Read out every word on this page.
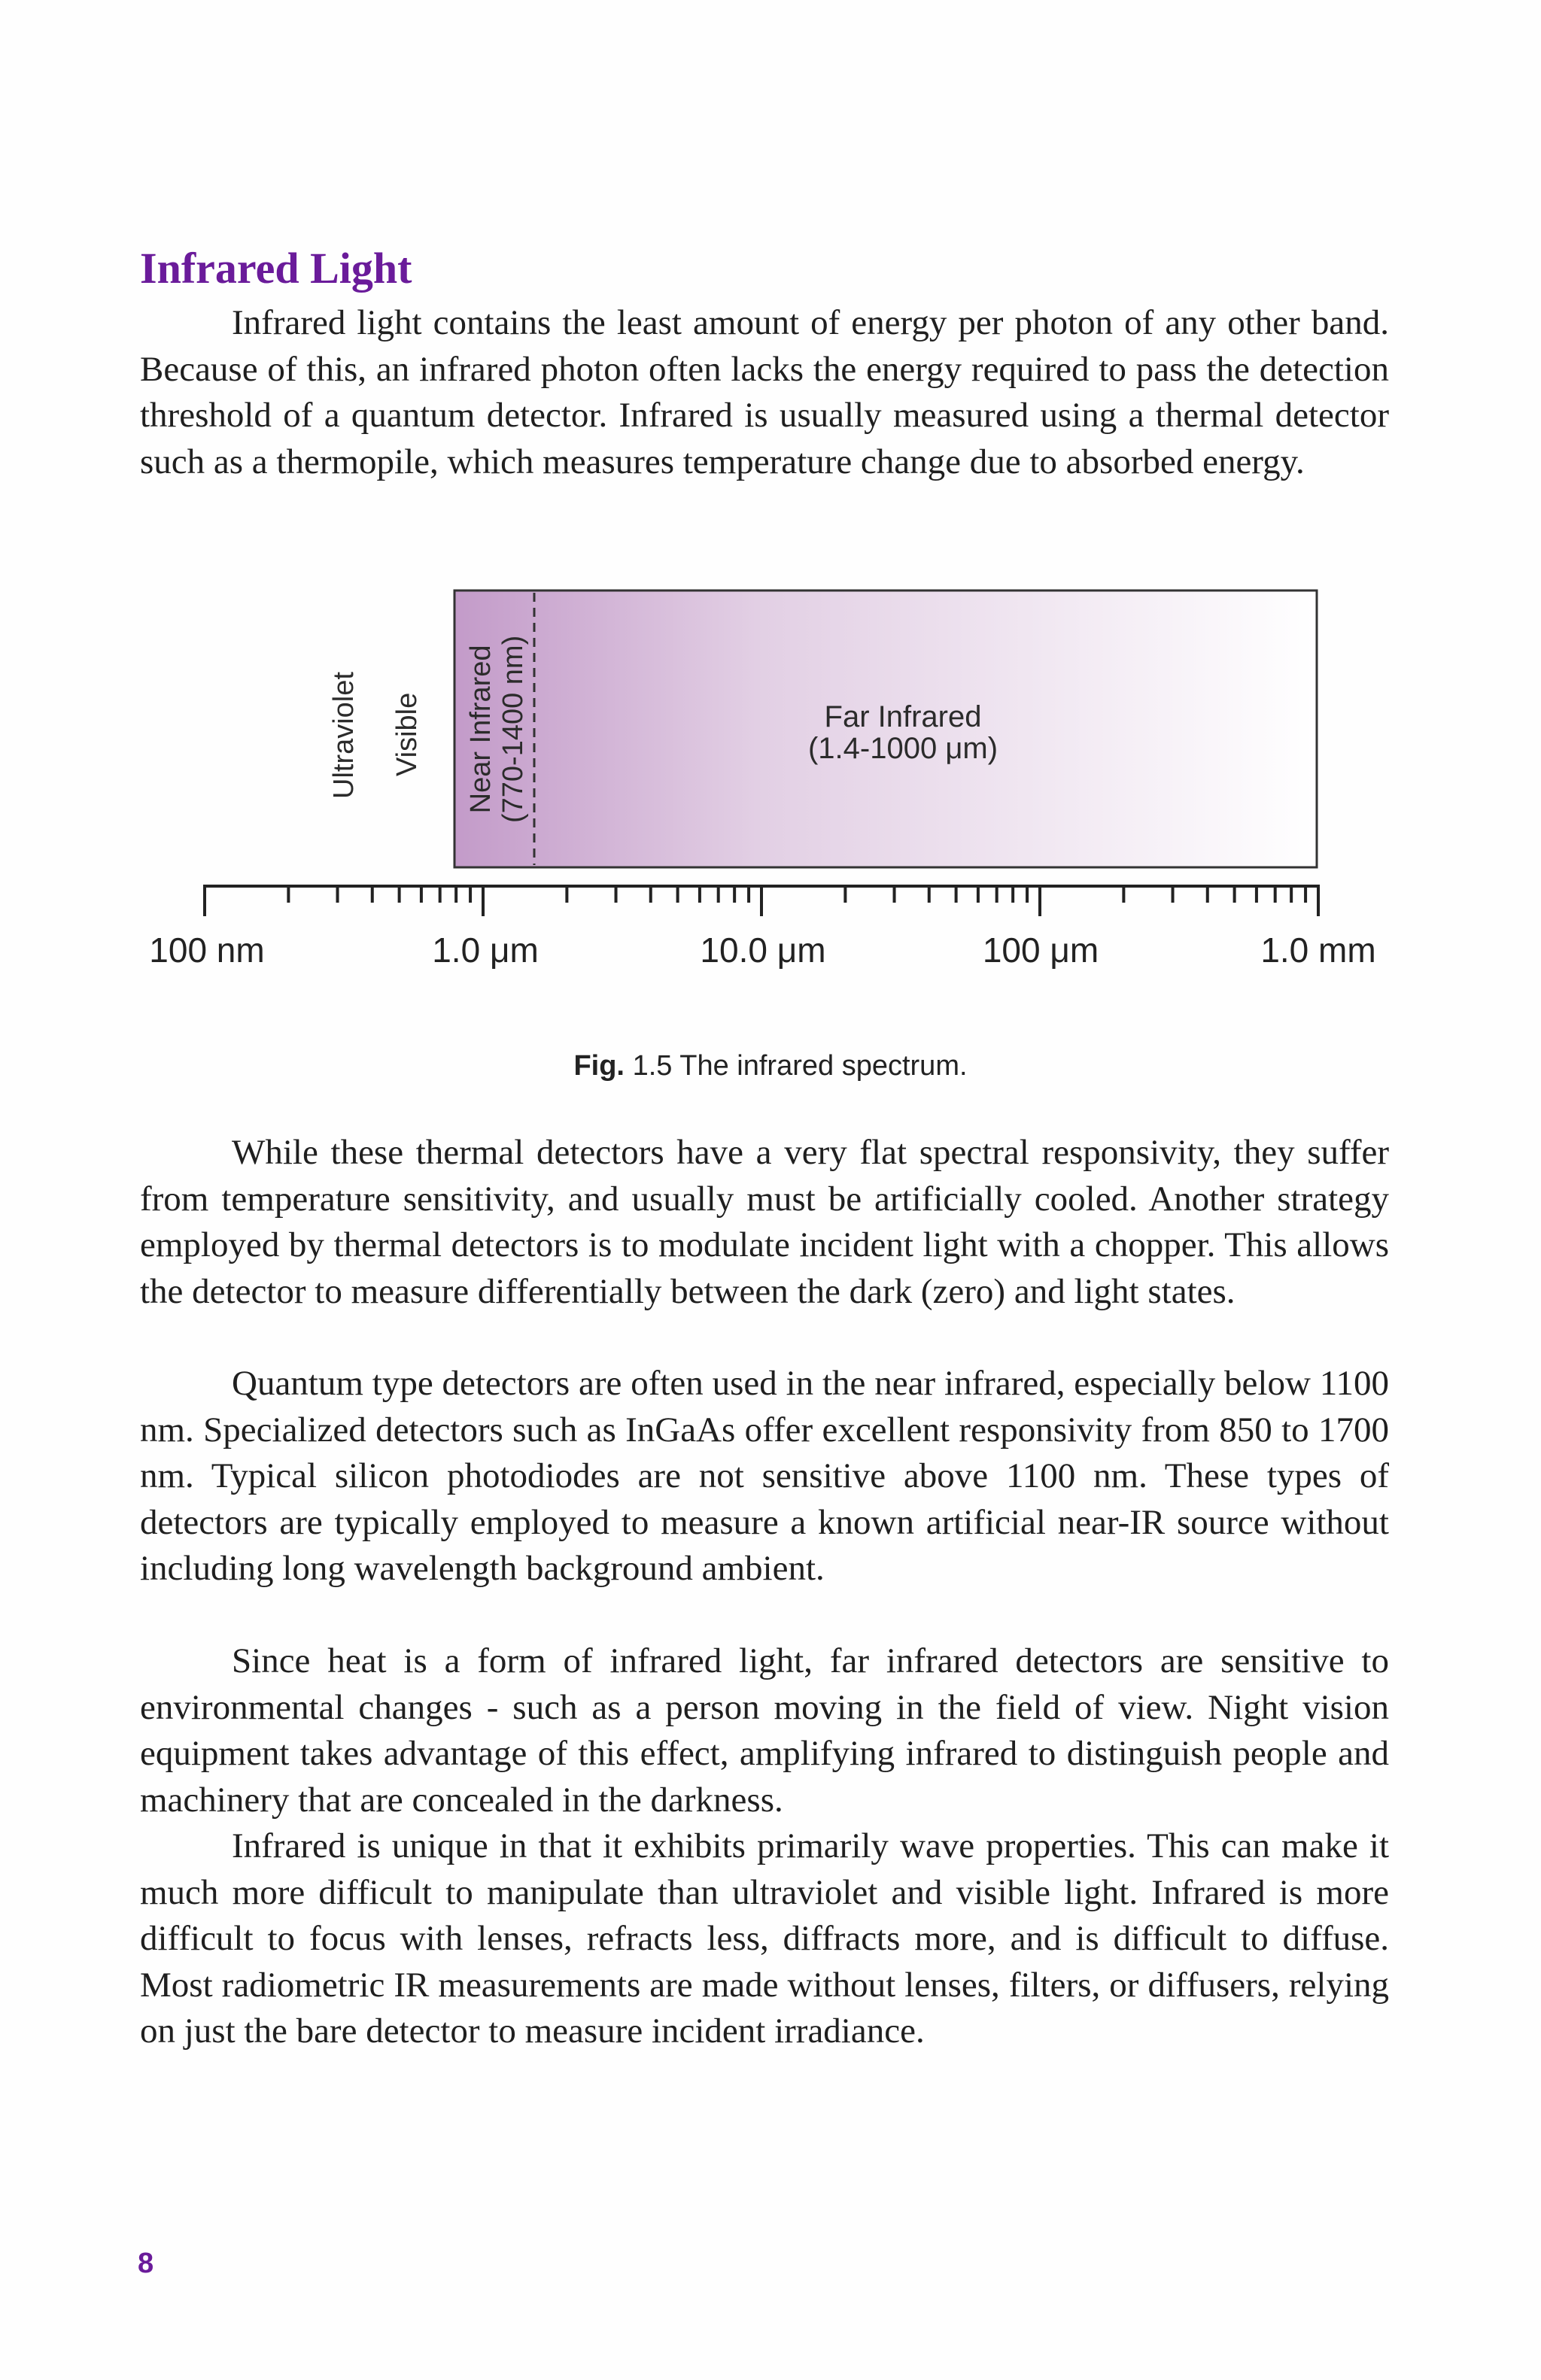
Infrared Light

Infrared light contains the least amount of energy per photon of any other band. Because of this, an infrared photon often lacks the energy required to pass the detection threshold of a quantum detector. Infrared is usually measured using a thermal detector such as a thermopile, which measures temperature change due to absorbed energy.

Ultraviolet Visible Near Infrared (770-1400 nm)	Far Infrared
(1.4-1000 μm)
100 nm	1.0 μm	10.0 μm	100 μm	1.0 mm
Fig. 1.5 The infrared spectrum.

While these thermal detectors have a very flat spectral responsivity, they suffer from temperature sensitivity, and usually must be artificially cooled. Another strategy employed by thermal detectors is to modulate incident light with a chopper. This allows the detector to measure differentially between the dark (zero) and light states.

Quantum type detectors are often used in the near infrared, especially below 1100 nm. Specialized detectors such as InGaAs offer excellent responsivity from 850 to 1700 nm. Typical silicon photodiodes are not sensitive above 1100 nm. These types of detectors are typically employed to measure a known artificial near-IR source without including long wavelength background ambient.

Since heat is a form of infrared light, far infrared detectors are sensitive to environmental changes - such as a person moving in the field of view. Night vision equipment takes advantage of this effect, amplifying infrared to distinguish people and machinery that are concealed in the darkness.

Infrared is unique in that it exhibits primarily wave properties. This can make it much more difficult to manipulate than ultraviolet and visible light. Infrared is more difficult to focus with lenses, refracts less, diffracts more, and is difficult to diffuse. Most radiometric IR measurements are made without lenses, filters, or diffusers, relying on just the bare detector to measure incident irradiance.

8
